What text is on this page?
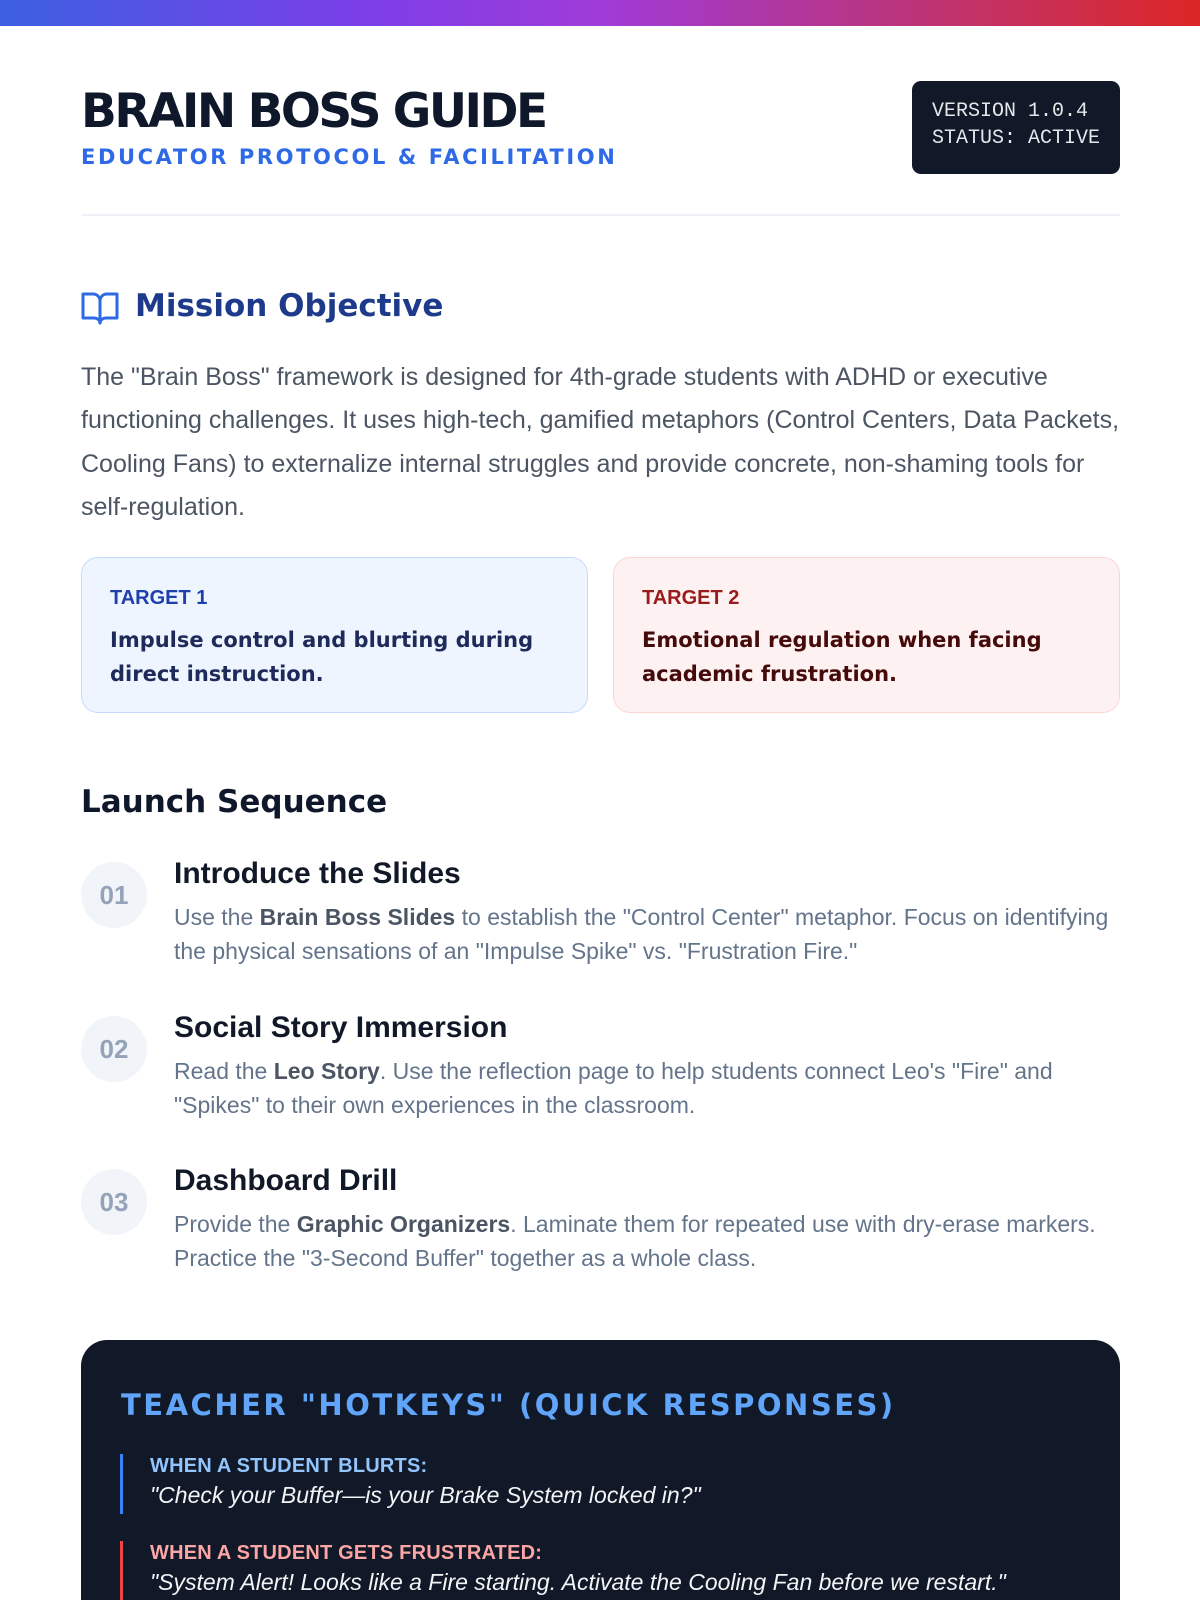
BRAIN BOSS GUIDE
EDUCATOR PROTOCOL & FACILITATION
VERSION 1.0.4
STATUS: ACTIVE
Mission Objective

The "Brain Boss" framework is designed for 4th-grade students with ADHD or executive functioning challenges. It uses high-tech, gamified metaphors (Control Centers, Data Packets, Cooling Fans) to externalize internal struggles and provide concrete, non-shaming tools for self-regulation.

TARGET 1
Impulse control and blurting during direct instruction.
TARGET 2
Emotional regulation when facing academic frustration.
Launch Sequence
01
Introduce the Slides
Use the Brain Boss Slides to establish the "Control Center" metaphor. Focus on identifying the physical sensations of an "Impulse Spike" vs. "Frustration Fire."
02
Social Story Immersion
Read the Leo Story. Use the reflection page to help students connect Leo's "Fire" and "Spikes" to their own experiences in the classroom.
03
Dashboard Drill
Provide the Graphic Organizers. Laminate them for repeated use with dry-erase markers. Practice the "3-Second Buffer" together as a whole class.
TEACHER "HOTKEYS" (QUICK RESPONSES)
WHEN A STUDENT BLURTS:
"Check your Buffer—is your Brake System locked in?"
WHEN A STUDENT GETS FRUSTRATED:
"System Alert! Looks like a Fire starting. Activate the Cooling Fan before we restart."
